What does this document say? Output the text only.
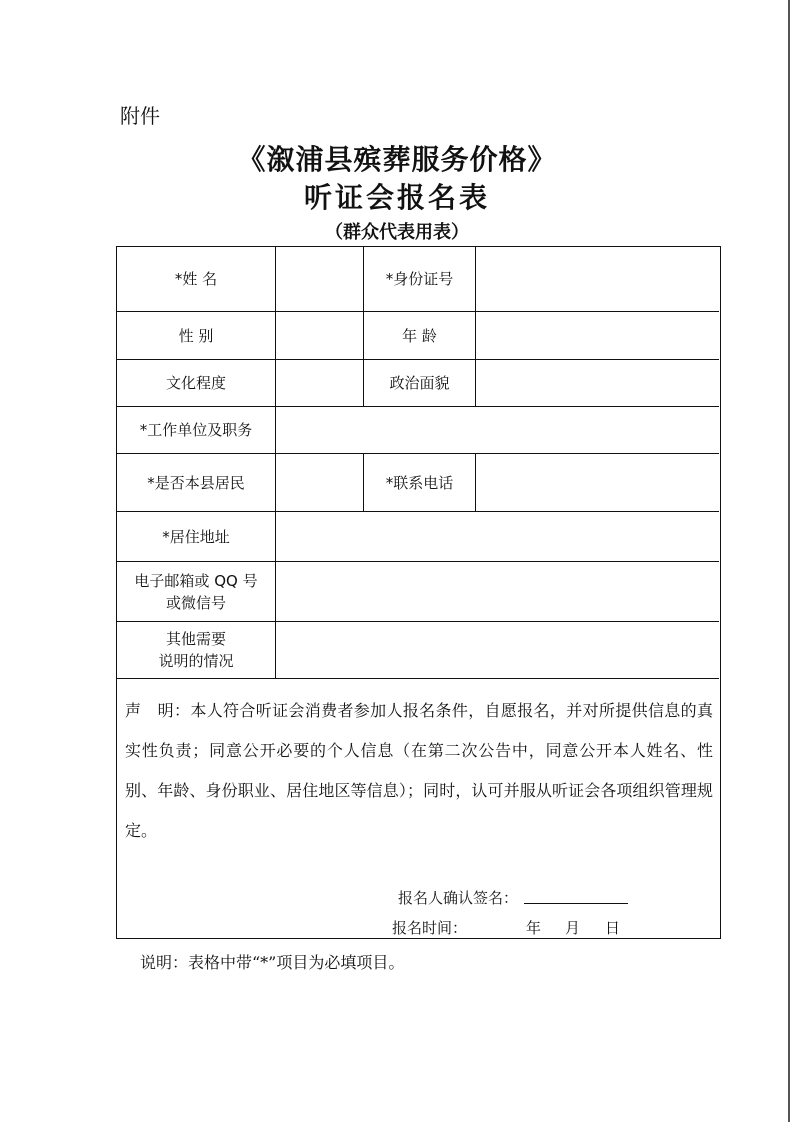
附件
《溆浦县殡葬服务价格》
听证会报名表
（群众代表用表）
*姓 名	*身份证号
性 别	年 龄
文化程度	政治面貌
*工作单位及职务
*是否本县居民	*联系电话
*居住地址
电子邮箱或 QQ 号
或微信号
其他需要
说明的情况
声　明：本人符合听证会消费者参加人报名条件，自愿报名，并对所提供信息的真实性负责；同意公开必要的个人信息（在第二次公告中，同意公开本人姓名、性别、年龄、身份职业、居住地区等信息）；同时，认可并服从听证会各项组织管理规定。
报名人确认签名：
报名时间：	年 月 日
说明：表格中带“*”项目为必填项目。
